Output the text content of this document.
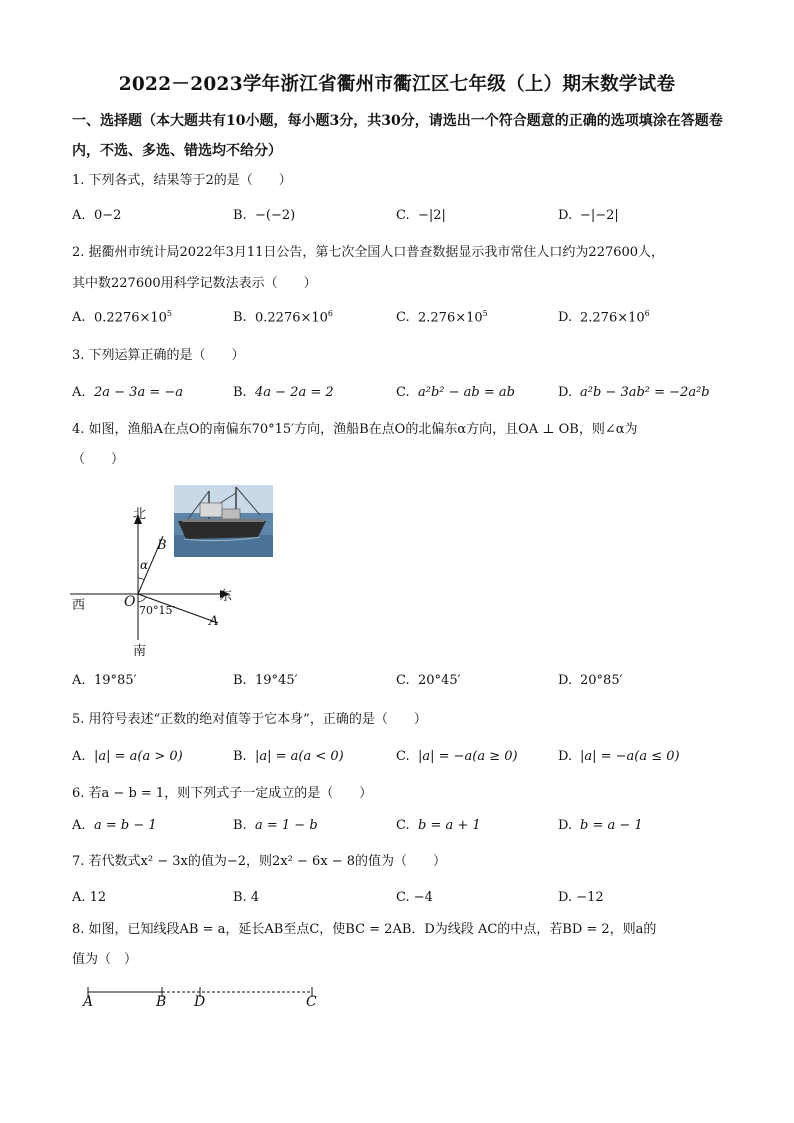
2022－2023学年浙江省衢州市衢江区七年级（上）期末数学试卷
一、选择题（本大题共有10小题，每小题3分，共30分，请选出一个符合题意的正确的选项填涂在答题卷内，不选、多选、错选均不给分）
1. 下列各式，结果等于2的是（　　）
A. 0−2	B. −(−2)	C. −|2|	D. −|−2|
2. 据衢州市统计局2022年3月11日公告，第七次全国人口普查数据显示我市常住人口约为227600人，
其中数227600用科学记数法表示（　　）
A. $0.2276\times 10^5$	B. $0.2276\times 10^6$	C. $2.276\times 10^5$	D. $2.276\times 10^6$
3. 下列运算正确的是（　　）
A. 2a − 3a = −a	B. 4a − 2a = 2	C. a²b² − ab = ab	D. a²b − 3ab² = −2a²b
4. 如图，渔船A在点O的南偏东70°15′方向，渔船B在点O的北偏东α方向，且OA ⊥ OB，则∠α为
（　　）
北
西
东
南
O
B
A
α
70°15′
A. 19°85′	B. 19°45′	C. 20°45′	D. 20°85′
5. 用符号表述“正数的绝对值等于它本身”，正确的是（　　）
A. |a| = a(a > 0)	B. |a| = a(a < 0)	C. |a| = −a(a ≥ 0)	D. |a| = −a(a ≤ 0)
6. 若a − b = 1，则下列式子一定成立的是（　　）
A. a = b − 1	B. a = 1 − b	C. b = a + 1	D. b = a − 1
7. 若代数式x² − 3x的值为−2，则2x² − 6x − 8的值为（　　）
A. 12	B. 4	C. −4	D. −12
8. 如图，已知线段AB = a，延长AB至点C，使BC = 2AB．D为线段 AC的中点，若BD = 2，则a的
值为（　）
A	B D	C
